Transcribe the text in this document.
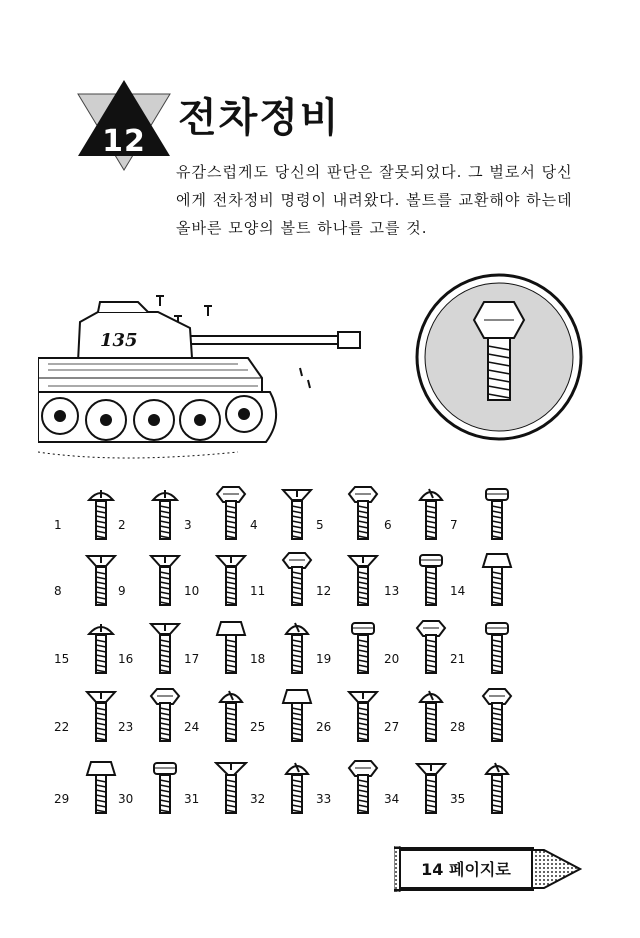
12
전차정비
유감스럽게도 당신의 판단은 잘못되었다. 그 벌로서 당신
에게 전차정비 명령이 내려왔다. 볼트를 교환해야 하는데
올바른 모양의 볼트 하나를 고를 것.
135
1	2	3	4	5	6	7
8	9	10	11	12	13	14
15	16	17	18	19	20	21
22	23	24	25	26	27	28
29	30	31	32	33	34	35
14 페이지로
